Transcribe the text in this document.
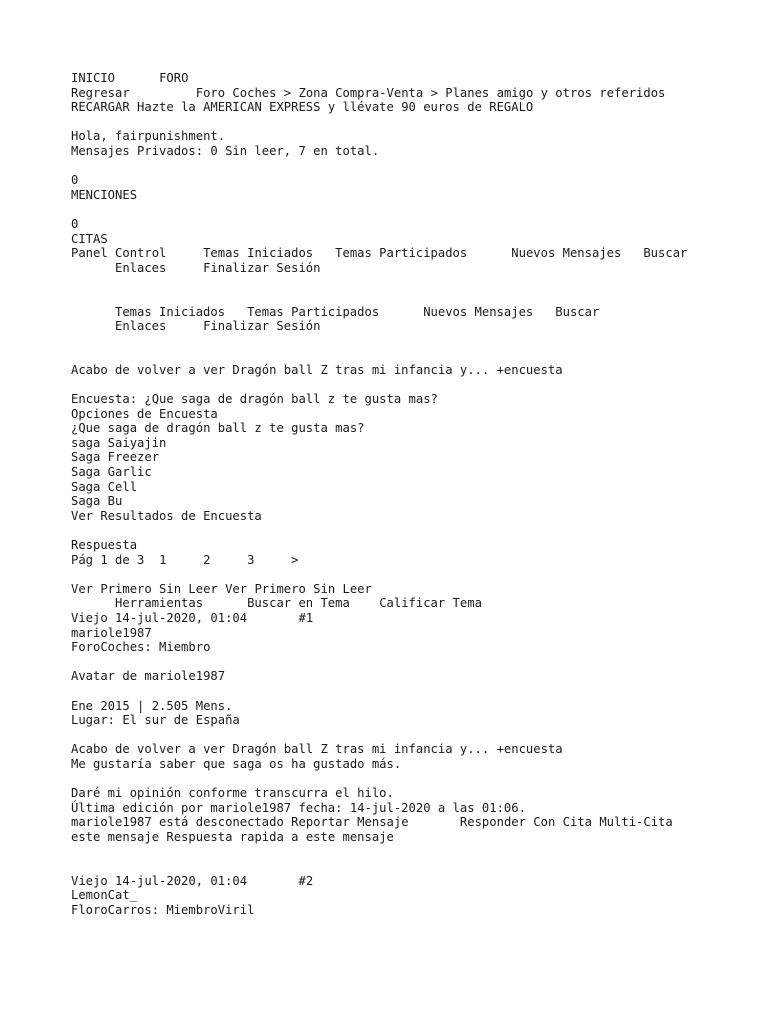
INICIO	FORO
Regresar	Foro Coches > Zona Compra-Venta > Planes amigo y otros referidos
RECARGAR Hazte la AMERICAN EXPRESS y llévate 90 euros de REGALO
Hola, fairpunishment.
Mensajes Privados: 0 Sin leer, 7 en total.
0
MENCIONES
0
CITAS
Panel Control	Temas Iniciados Temas Participados	Nuevos Mensajes Buscar
Enlaces	Finalizar Sesión
Temas Iniciados Temas Participados	Nuevos Mensajes Buscar
Enlaces	Finalizar Sesión
Acabo de volver a ver Dragón ball Z tras mi infancia y... +encuesta
Encuesta: ¿Que saga de dragón ball z te gusta mas?
Opciones de Encuesta
¿Que saga de dragón ball z te gusta mas?
saga Saiyajin
Saga Freezer
Saga Garlic
Saga Cell
Saga Bu
Ver Resultados de Encuesta
Respuesta
Pág 1 de 3 1	2	3	>
Ver Primero Sin Leer Ver Primero Sin Leer
Herramientas	Buscar en Tema Calificar Tema
Viejo 14-jul-2020, 01:04	#1
mariole1987
ForoCoches: Miembro
Avatar de mariole1987
Ene 2015 | 2.505 Mens.
Lugar: El sur de España
Acabo de volver a ver Dragón ball Z tras mi infancia y... +encuesta
Me gustaría saber que saga os ha gustado más.
Daré mi opinión conforme transcurra el hilo.
Última edición por mariole1987 fecha: 14-jul-2020 a las 01:06.
mariole1987 está desconectado Reportar Mensaje	Responder Con Cita Multi-Cita
este mensaje Respuesta rapida a este mensaje
Viejo 14-jul-2020, 01:04	#2
LemonCat_
FloroCarros: MiembroViril
